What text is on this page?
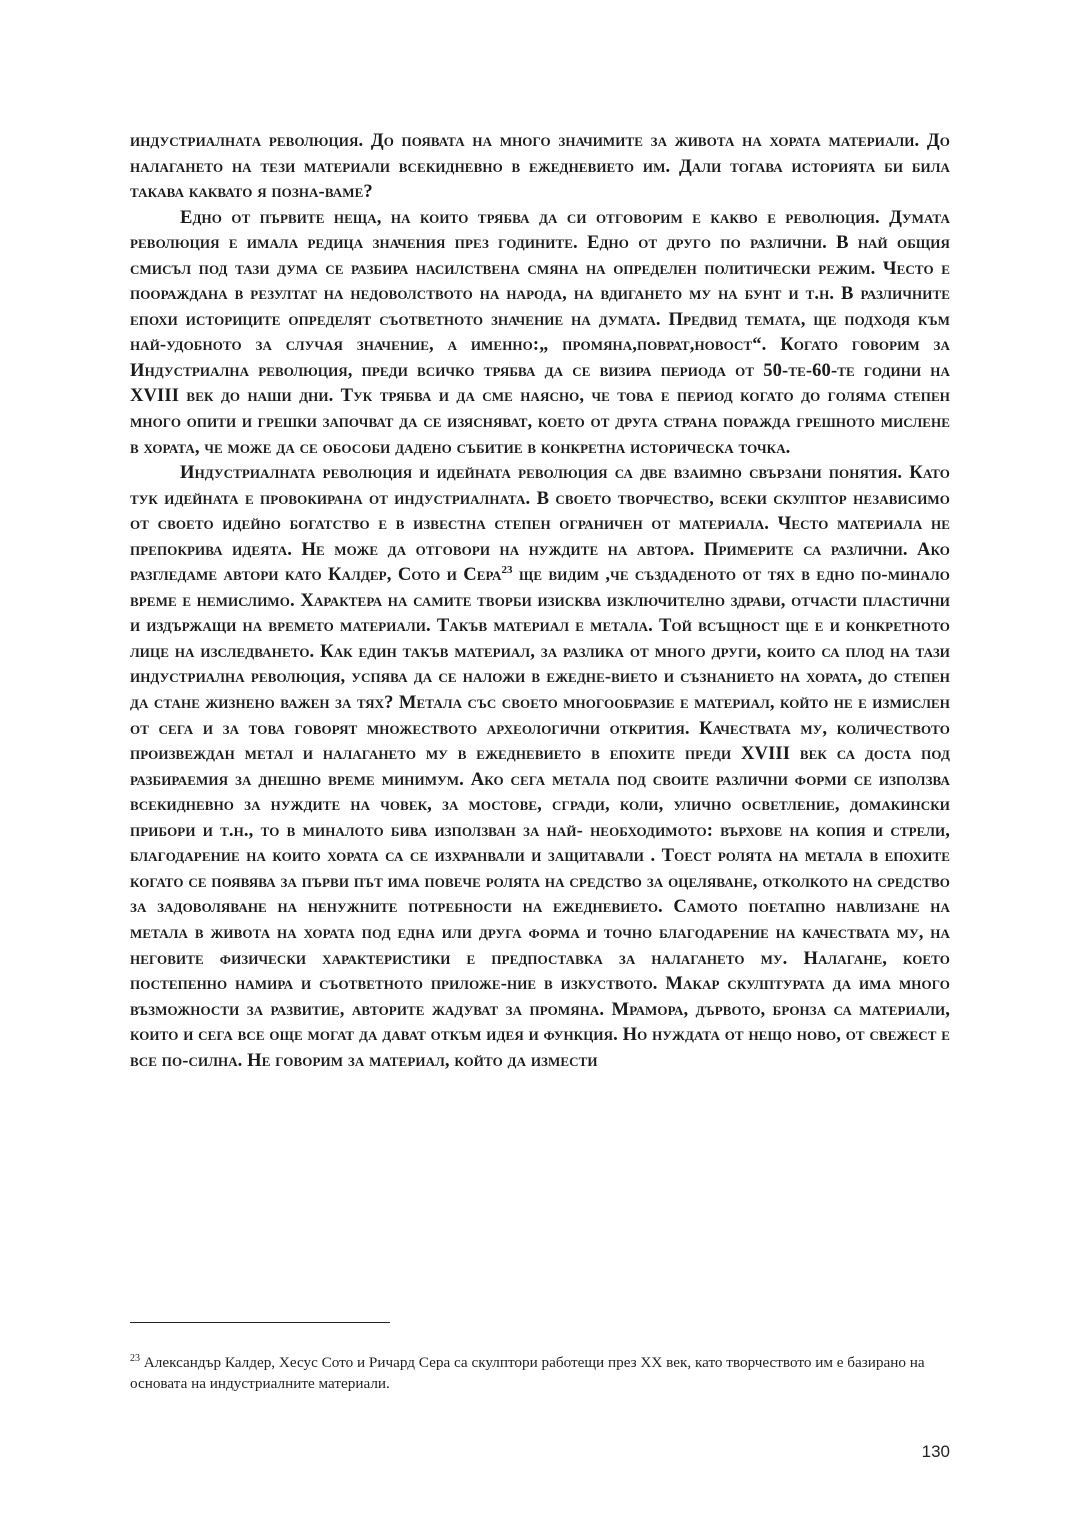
индустриалната революция. До появата на много значимите за живота на хората материали. До налагането на тези материали всекидневно в ежедневието им. Дали тогава историята би била такава каквато я позна-ваме?

Едно от първите неща, на които трябва да си отговорим е какво е революция. Думата революция е имала редица значения през годините. Едно от друго по различни. В най общия смисъл под тази дума се разбира насилствена смяна на определен политически режим. Често е поораждана в резултат на недоволството на народа, на вдигането му на бунт и т.н. В различните епохи историците определят съответното значение на думата. Предвид темата, ще подходя към най-удобното за случая значение, а именно:„ промяна,поврат,новост“. Когато говорим за Индустриална революция, преди всичко трябва да се визира периода от 50-те-60-те години на XVIII век до наши дни. Тук трябва и да сме наясно, че това е период когато до голяма степен много опити и грешки започват да се изясняват, което от друга страна поражда грешното мислене в хората, че може да се обособи дадено събитие в конкретна историческа точка.

Индустриалната революция и идейната революция са две взаимно свързани понятия. Като тук идейната е провокирана от индустриалната. В своето творчество, всеки скулптор независимо от своето идейно богатство е в известна степен ограничен от материала. Често материала не препокрива идеята. Не може да отговори на нуждите на автора. Примерите са различни. Ако разгледаме автори като Калдер, Сото и Сера$^{23}$ ще видим ,че създаденото от тях в едно по-минало време е немислимо. Характера на самите творби изисква изключително здрави, отчасти пластични и издържащи на времето материали. Такъв материал е метала. Той всъщност ще е и конкретното лице на изследването. Как един такъв материал, за разлика от много други, които са плод на тази индустриална революция, успява да се наложи в ежедне-вието и съзнанието на хората, до степен да стане жизнено важен за тях? Метала със своето многообразие е материал, който не е измислен от сега и за това говорят множеството археологични открития. Качествата му, количеството произвеждан метал и налагането му в ежедневието в епохите преди XVIII век са доста под разбираемия за днешно време минимум. Ако сега метала под своите различни форми се използва всекидневно за нуждите на човек, за мостове, сгради, коли, улично осветление, домакински прибори и т.н., то в миналото бива използван за най- необходимото: върхове на копия и стрели, благодарение на които хората са се изхранвали и защитавали . Тоест ролята на метала в епохите когато се появява за първи път има повече ролята на средство за оцеляване, отколкото на средство за задоволяване на ненужните потребности на ежедневието. Самото поетапно навлизане на метала в живота на хората под една или друга форма и точно благодарение на качествата му, на неговите физически характеристики е предпоставка за налагането му. Налагане, което постепенно намира и съответното приложе-ние в изкуството. Макар скулптурата да има много възможности за развитие, авторите жадуват за промяна. Мрамора, дървото, бронза са материали, които и сега все още могат да дават откъм идея и функция. Но нуждата от нещо ново, от свежест е все по-силна. Не говорим за материал, който да измести

$^{23}$ Александър Калдер, Хесус Сото и Ричард Сера са скулптори работещи през XX век, като творчеството им е базирано на основата на индустриалните материали.
130
